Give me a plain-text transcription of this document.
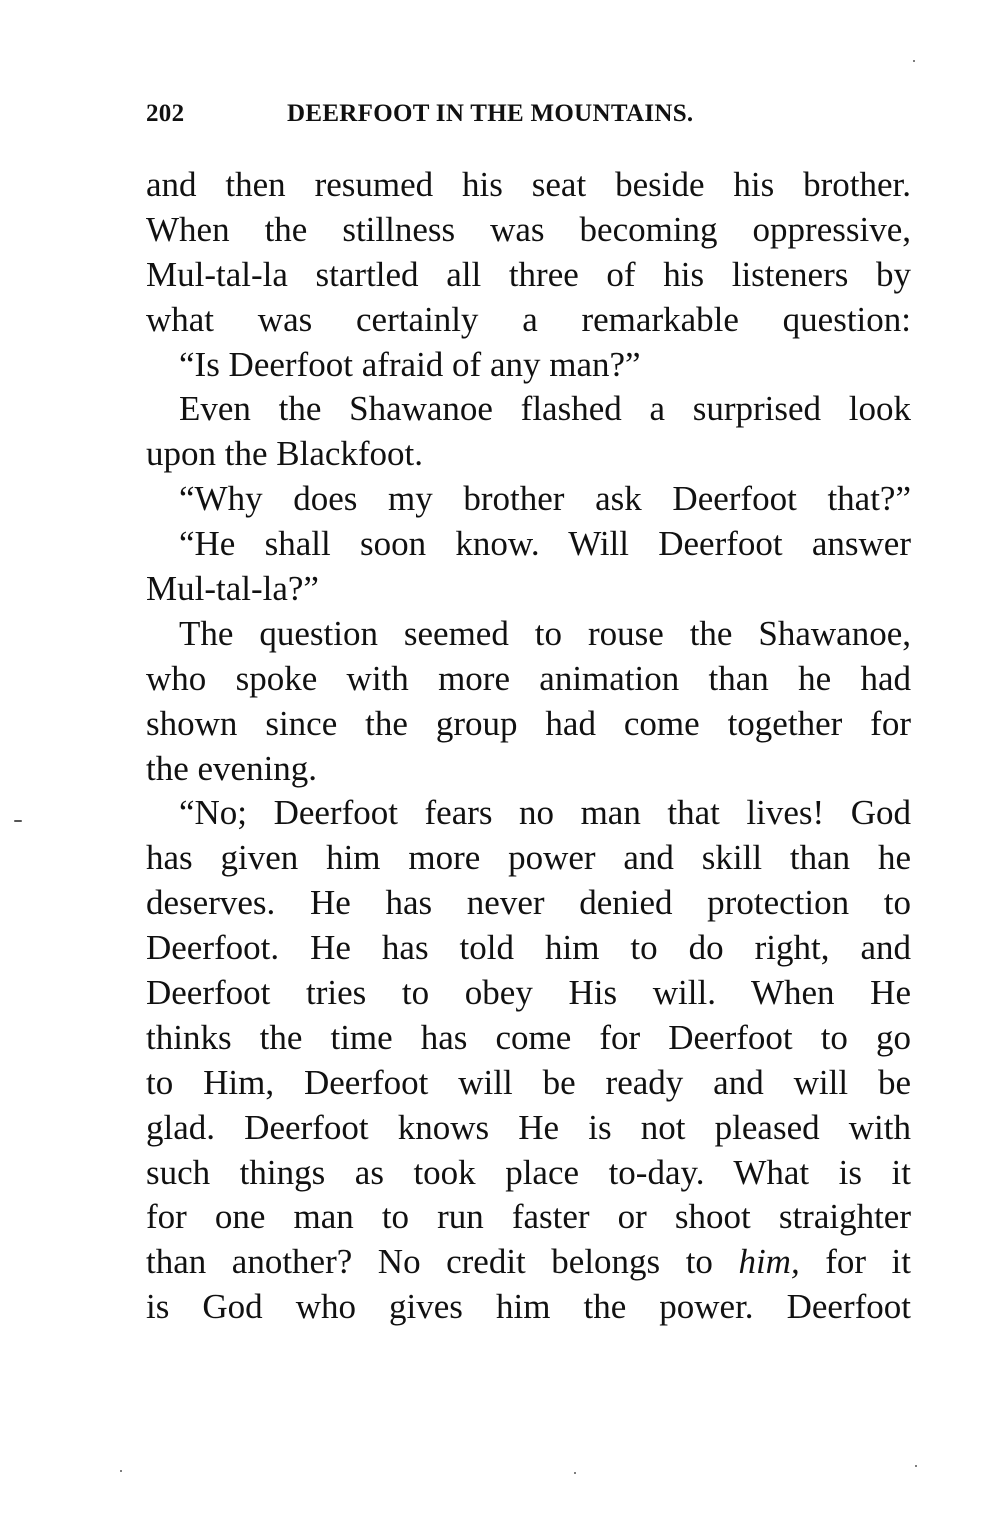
202	DEERFOOT IN THE MOUNTAINS.
and then resumed his seat beside his brother.
When the stillness was becoming oppressive,
Mul-tal-la startled all three of his listeners by
what was certainly a remarkable question:
“Is Deerfoot afraid of any man?”
Even the Shawanoe flashed a surprised look
upon the Blackfoot.
“Why does my brother ask Deerfoot that?”
“He shall soon know. Will Deerfoot answer
Mul-tal-la?”
The question seemed to rouse the Shawanoe,
who spoke with more animation than he had
shown since the group had come together for
the evening.
“No; Deerfoot fears no man that lives! God
has given him more power and skill than he
deserves. He has never denied protection to
Deerfoot. He has told him to do right, and
Deerfoot tries to obey His will. When He
thinks the time has come for Deerfoot to go
to Him, Deerfoot will be ready and will be
glad. Deerfoot knows He is not pleased with
such things as took place to-day. What is it
for one man to run faster or shoot straighter
than another? No credit belongs to him, for it
is God who gives him the power. Deerfoot
